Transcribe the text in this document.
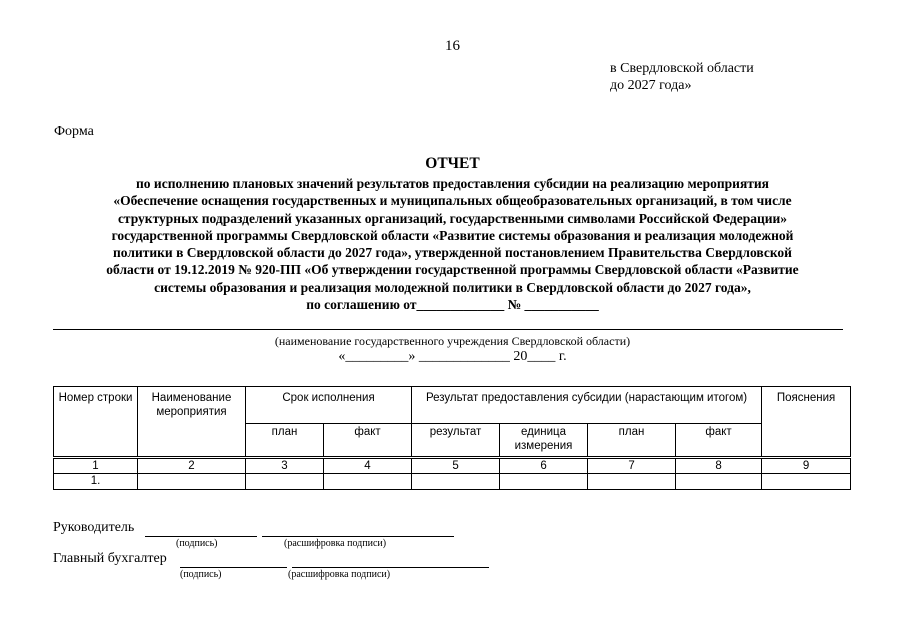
16
в Свердловской области
до 2027 года»
Форма
ОТЧЕТ
по исполнению плановых значений результатов предоставления субсидии на реализацию мероприятия
«Обеспечение оснащения государственных и муниципальных общеобразовательных организаций, в том числе
структурных подразделений указанных организаций, государственными символами Российской Федерации»
государственной программы Свердловской области «Развитие системы образования и реализация молодежной
политики в Свердловской области до 2027 года», утвержденной постановлением Правительства Свердловской
области от 19.12.2019 № 920-ПП «Об утверждении государственной программы Свердловской области «Развитие
системы образования и реализация молодежной политики в Свердловской области до 2027 года»,
по соглашению от_____________ № ___________
(наименование государственного учреждения Свердловской области)
«_________» _____________ 20____ г.
Номер строки	Наименование мероприятия	Срок исполнения		Результат предоставления субсидии (нарастающим итогом)				Пояснения
		план	факт	результат	единица измерения	план	факт	
1	2	3	4	5	6	7	8	9
1.								
Руководитель
(подпись)	(расшифровка подписи)
Главный бухгалтер
(подпись)	(расшифровка подписи)
